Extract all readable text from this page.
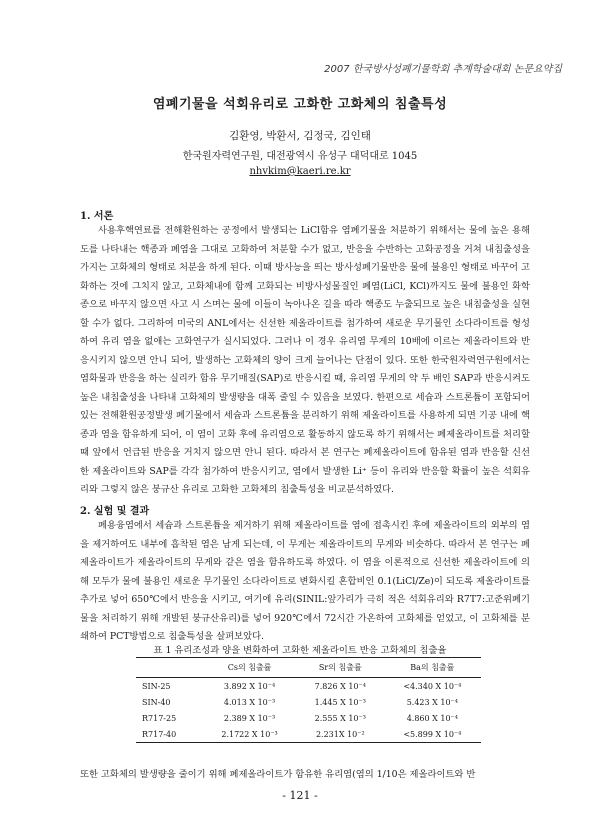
2007 한국방사성폐기물학회 추계학술대회 논문요약집
염폐기물을 석회유리로 고화한 고화체의 침출특성
김환영, 박환서, 김정국, 김인태
한국원자력연구원, 대전광역시 유성구 대덕대로 1045
nhvkim@kaeri.re.kr
1. 서론

사용후핵연료를 전해환원하는 공정에서 발생되는 LiCl함유 염폐기물을 처분하기 위해서는 물에 높은 용해도를 나타내는 핵종과 폐염을 그대로 고화하여 처분할 수가 없고, 반응을 수반하는 고화공정을 거쳐 내침출성을 가지는 고화체의 형태로 처분을 하게 된다. 이때 방사능을 띄는 방사성폐기물반응 물에 불용인 형태로 바꾸어 고화하는 것에 그치지 않고, 고화체내에 함께 고화되는 비방사성물질인 폐염(LiCl, KCl)까지도 물에 불용인 화학종으로 바꾸지 않으면 사고 시 스며는 물에 이들이 녹아나온 길을 따라 핵종도 누출되므로 높은 내침출성을 실현할 수가 없다. 그리하여 미국의 ANL에서는 신선한 제올라이트를 첨가하여 새로운 무기물인 소다라이트를 형성하여 유리 염을 없애는 고화연구가 실시되었다. 그러나 이 경우 유리염 무게의 10배에 이르는 제올라이트와 반응시키지 않으면 안니 되어, 발생하는 고화체의 양이 크게 늘어나는 단점이 있다. 또한 한국원자력연구원에서는 염화물과 반응을 하는 실리카 함유 무기매질(SAP)로 반응시킬 때, 유리염 무게의 약 두 배인 SAP과 반응시켜도 높은 내침출성을 나타내 고화체의 발생량을 대폭 줄일 수 있음을 보였다. 한편으로 세슘과 스트론튬이 포함되어 있는 전해환원공정발생 폐기물에서 세슘과 스트론튬을 분리하기 위해 제올라이트를 사용하게 되면 기공 내에 핵종과 염을 함유하게 되어, 이 염이 고화 후에 유리염으로 활동하지 않도록 하기 위해서는 폐제올라이트를 처리할 때 앞에서 언급된 반응을 거치지 않으면 안니 된다. 따라서 본 연구는 폐제올라이트에 함유된 염과 반응할 신선한 제올라이트와 SAP를 각각 첨가하여 반응시키고, 염에서 발생한 Li⁺ 등이 유리와 반응할 확률이 높은 석회유리와 그렇지 않은 붕규산 유리로 고화한 고화체의 침출특성을 비교분석하였다.

2. 실험 및 결과

폐용융염에서 세슘과 스트론튬을 제거하기 위해 제올라이트를 염에 접촉시킨 후에 제올라이트의 외부의 염을 제거하여도 내부에 흡착된 염은 남게 되는데, 이 무게는 제올라이트의 무게와 비슷하다. 따라서 본 연구는 폐제올라이트가 제올라이트의 무게와 같은 염을 함유하도록 하였다. 이 염을 이론적으로 신선한 제올라이트에 의해 모두가 물에 불용인 새로운 무기물인 소다라이트로 변화시킬 혼합비인 0.1(LiCl/Ze)이 되도록 제올라이트를 추가로 넣어 650℃에서 반응을 시키고, 여기에 유리(SINIL:앞가리가 극히 적은 석회유리와 R7T7:고준위폐기물을 처리하기 위해 개발된 붕규산유리)를 넣어 920℃에서 72시간 가온하여 고화체를 얻었고, 이 고화체를 분쇄하여 PCT방법으로 침출특성을 살펴보았다.

표 1 유리조성과 양을 변화하여 고화한 제올라이트 반응 고화체의 침출율
	Cs의 침출률	Sr의 침출률	Ba의 침출률
SIN-25	3.892 X 10⁻⁴	7.826 X 10⁻⁴	<4.340 X 10⁻⁴
SIN-40	4.013 X 10⁻³	1.445 X 10⁻³	5.423 X 10⁻⁴
R717-25	2.389 X 10⁻³	2.555 X 10⁻³	4.860 X 10⁻⁴
R717-40	2.1722 X 10⁻³	2.231X 10⁻²	<5.899 X 10⁻⁴
또한 고화체의 발생량을 줄이기 위해 폐제올라이트가 함유한 유리염(염의 1/10은 제올라이트와 반
- 121 -
